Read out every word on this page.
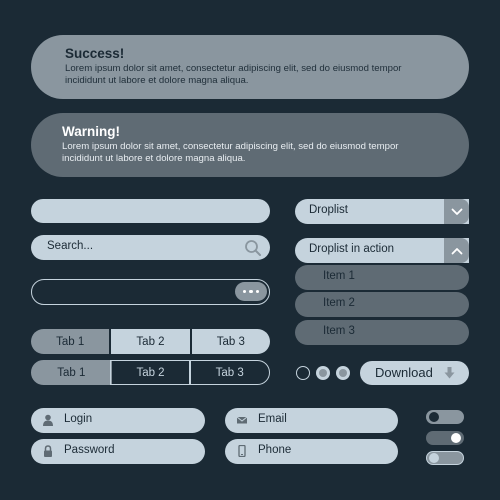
Success!
Lorem ipsum dolor sit amet, consectetur adipiscing elit, sed do eiusmod tempor
incididunt ut labore et dolore magna aliqua.
Warning!
Lorem ipsum dolor sit amet, consectetur adipiscing elit, sed do eiusmod tempor
incididunt ut labore et dolore magna aliqua.
Search...
Tab 1	Tab 2	Tab 3
Tab 1	Tab 2	Tab 3
Droplist
Droplist in action
Item 1
Item 2
Item 3
Download
Login
Password
Email
Phone
